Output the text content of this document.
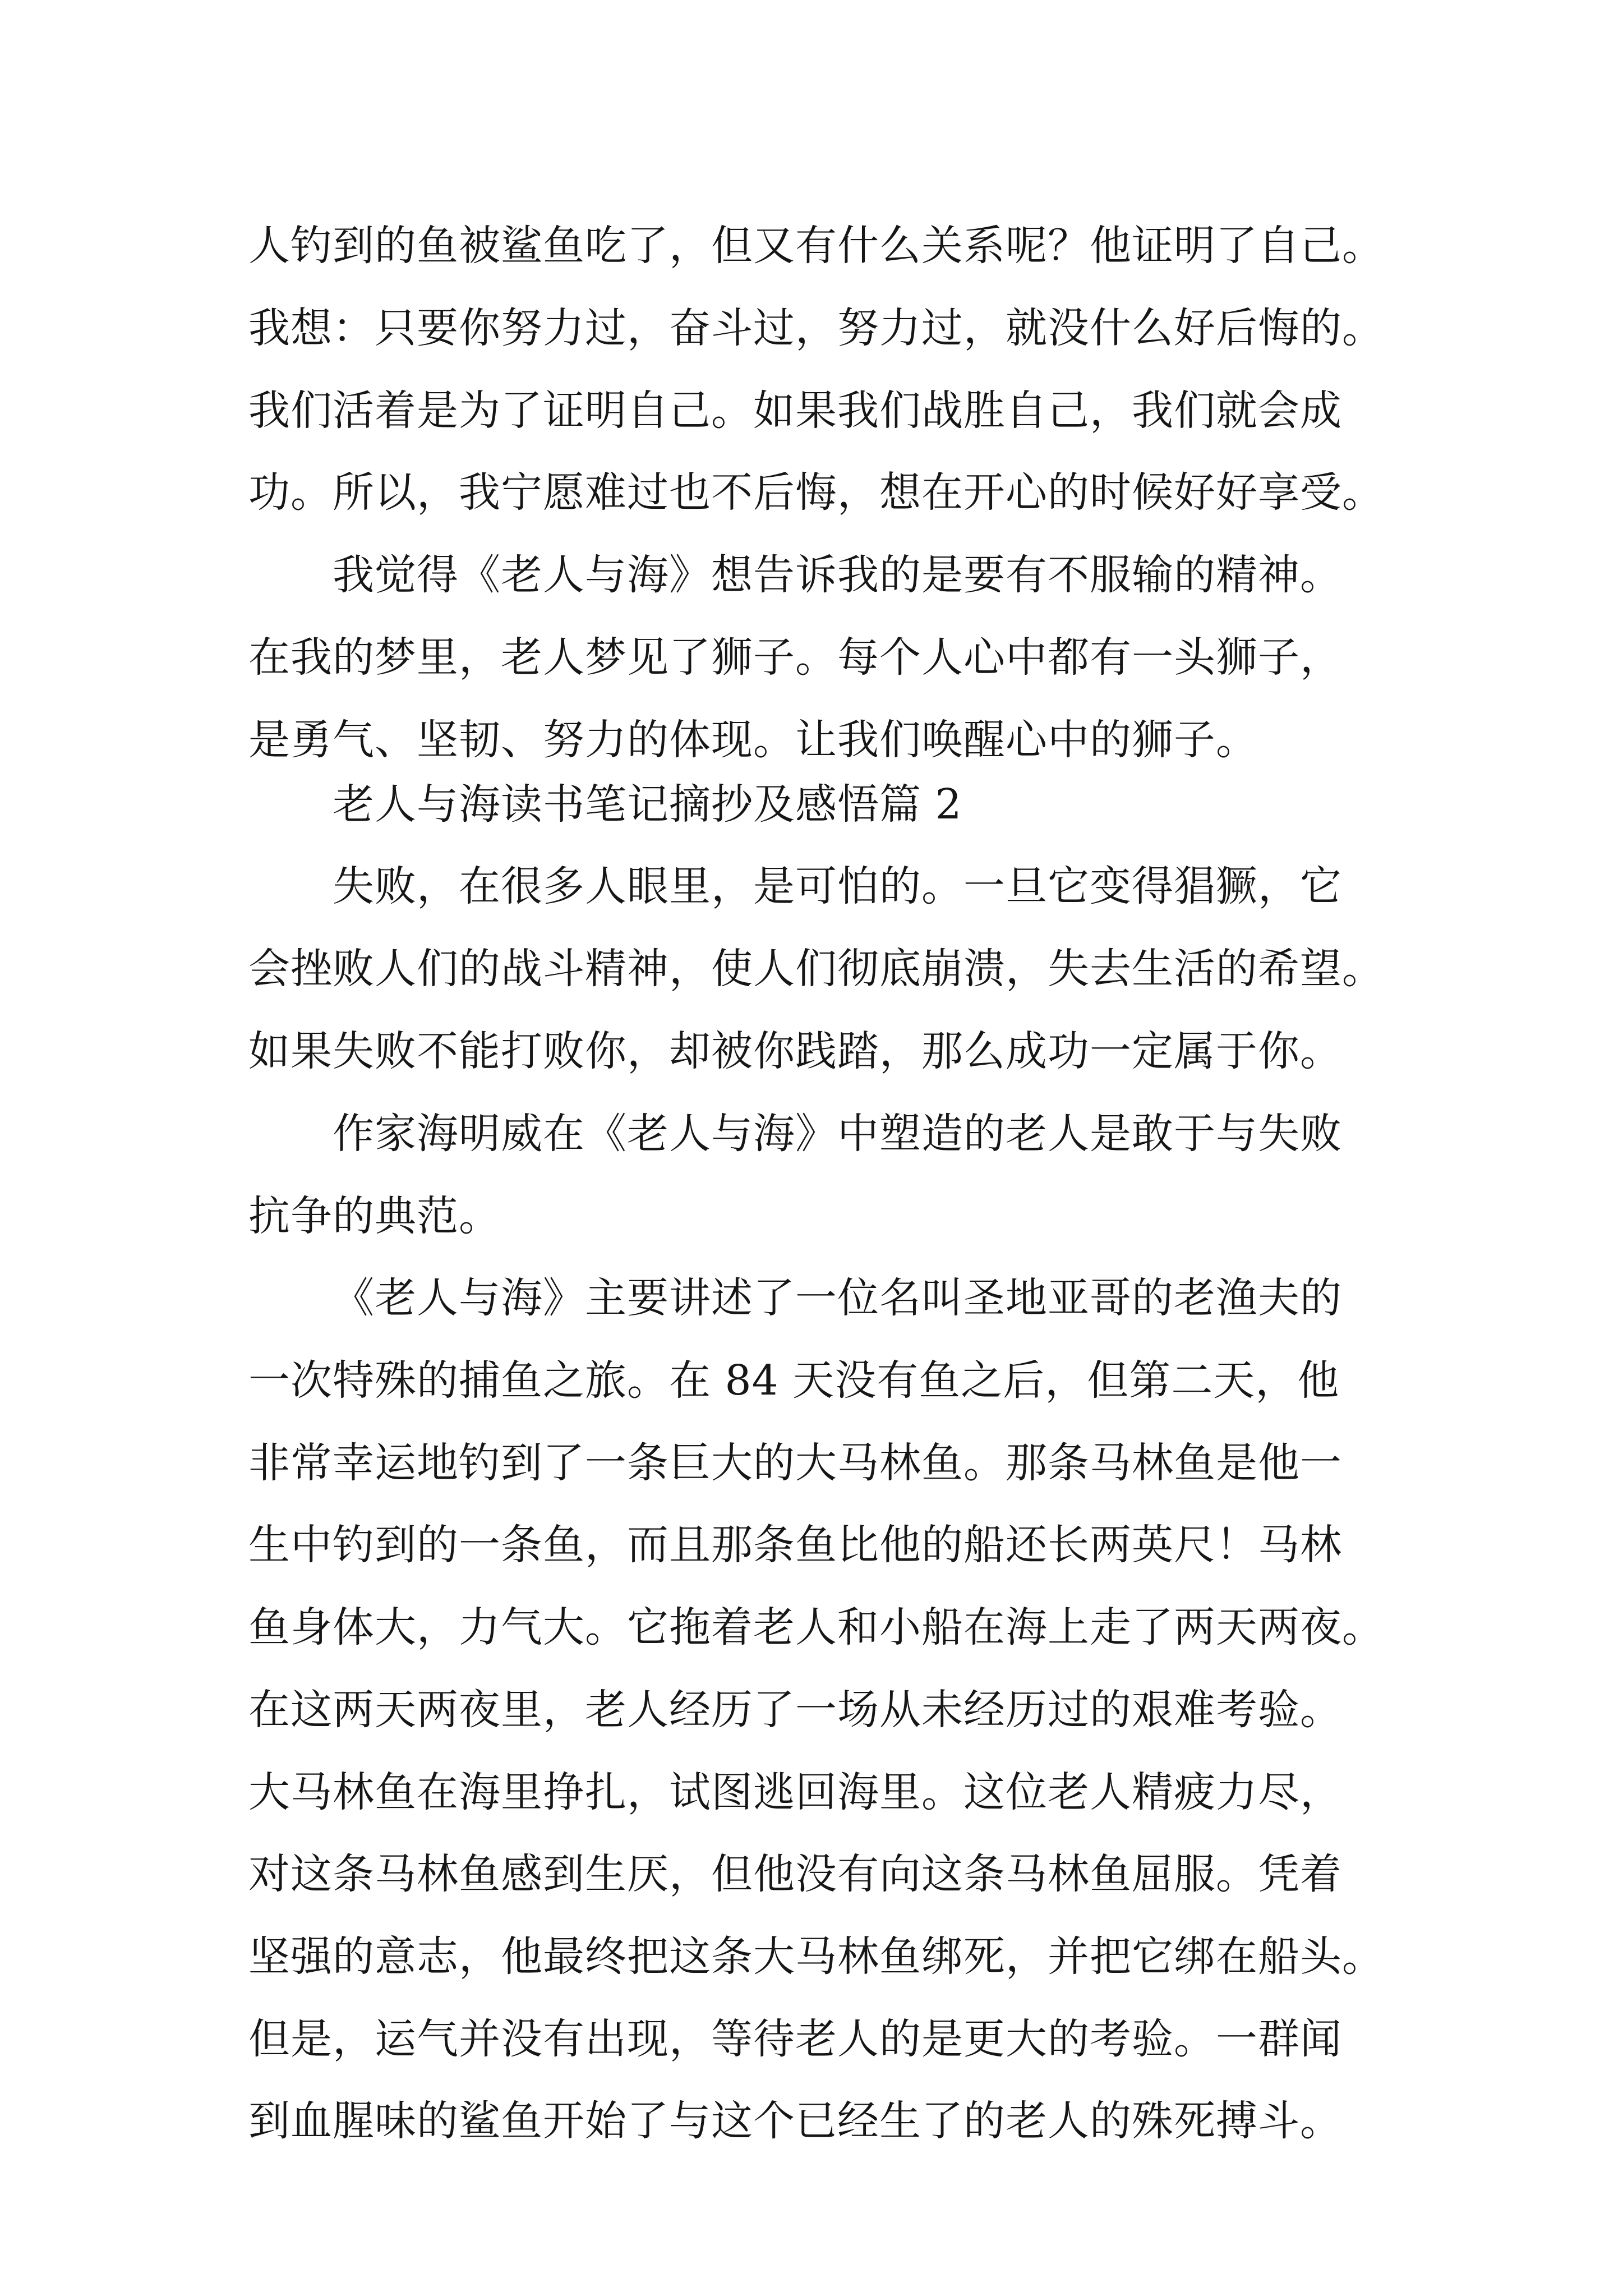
人钓到的鱼被鲨鱼吃了，但又有什么关系呢？他证明了自己。
我想：只要你努力过，奋斗过，努力过，就没什么好后悔的。
我们活着是为了证明自己。如果我们战胜自己，我们就会成
功。所以，我宁愿难过也不后悔，想在开心的时候好好享受。
我觉得《老人与海》想告诉我的是要有不服输的精神。
在我的梦里，老人梦见了狮子。每个人心中都有一头狮子，
是勇气、坚韧、努力的体现。让我们唤醒心中的狮子。
老人与海读书笔记摘抄及感悟篇 2
失败，在很多人眼里，是可怕的。一旦它变得猖獗，它
会挫败人们的战斗精神，使人们彻底崩溃，失去生活的希望。
如果失败不能打败你，却被你践踏，那么成功一定属于你。
作家海明威在《老人与海》中塑造的老人是敢于与失败
抗争的典范。
《老人与海》主要讲述了一位名叫圣地亚哥的老渔夫的
一次特殊的捕鱼之旅。在 84 天没有鱼之后，但第二天，他
非常幸运地钓到了一条巨大的大马林鱼。那条马林鱼是他一
生中钓到的一条鱼，而且那条鱼比他的船还长两英尺！马林
鱼身体大，力气大。它拖着老人和小船在海上走了两天两夜。
在这两天两夜里，老人经历了一场从未经历过的艰难考验。
大马林鱼在海里挣扎，试图逃回海里。这位老人精疲力尽，
对这条马林鱼感到生厌，但他没有向这条马林鱼屈服。凭着
坚强的意志，他最终把这条大马林鱼绑死，并把它绑在船头。
但是，运气并没有出现，等待老人的是更大的考验。一群闻
到血腥味的鲨鱼开始了与这个已经生了的老人的殊死搏斗。
